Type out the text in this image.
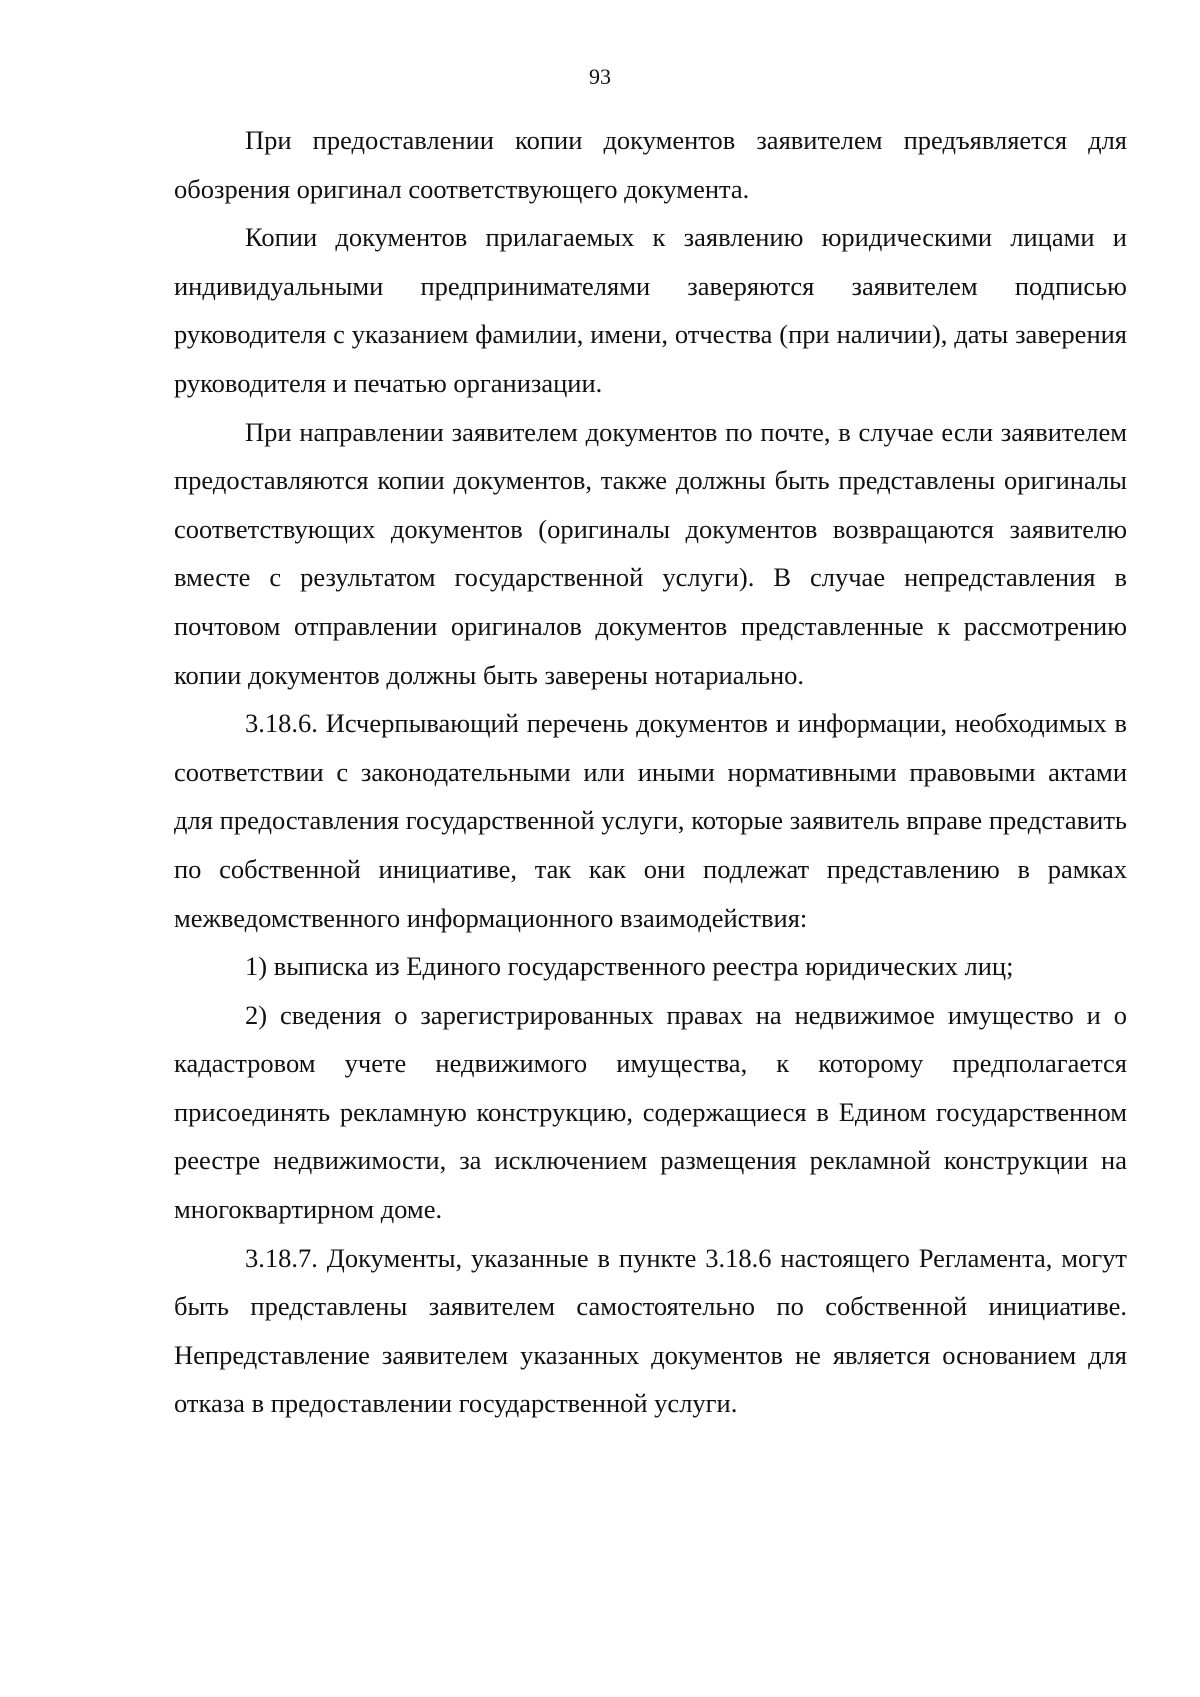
93

При предоставлении копии документов заявителем предъявляется для обозрения оригинал соответствующего документа.

Копии документов прилагаемых к заявлению юридическими лицами и индивидуальными предпринимателями заверяются заявителем подписью руководителя с указанием фамилии, имени, отчества (при наличии), даты заверения руководителя и печатью организации.

При направлении заявителем документов по почте, в случае если заявителем предоставляются копии документов, также должны быть представлены оригиналы соответствующих документов (оригиналы документов возвращаются заявителю вместе с результатом государственной услуги). В случае непредставления в почтовом отправлении оригиналов документов представленные к рассмотрению копии документов должны быть заверены нотариально.

3.18.6. Исчерпывающий перечень документов и информации, необходимых в соответствии с законодательными или иными нормативными правовыми актами для предоставления государственной услуги, которые заявитель вправе представить по собственной инициативе, так как они подлежат представлению в рамках межведомственного информационного взаимодействия:

1) выписка из Единого государственного реестра юридических лиц;

2) сведения о зарегистрированных правах на недвижимое имущество и о кадастровом учете недвижимого имущества, к которому предполагается присоединять рекламную конструкцию, содержащиеся в Едином государственном реестре недвижимости, за исключением размещения рекламной конструкции на многоквартирном доме.

3.18.7. Документы, указанные в пункте 3.18.6 настоящего Регламента, могут быть представлены заявителем самостоятельно по собственной инициативе. Непредставление заявителем указанных документов не является основанием для отказа в предоставлении государственной услуги.
